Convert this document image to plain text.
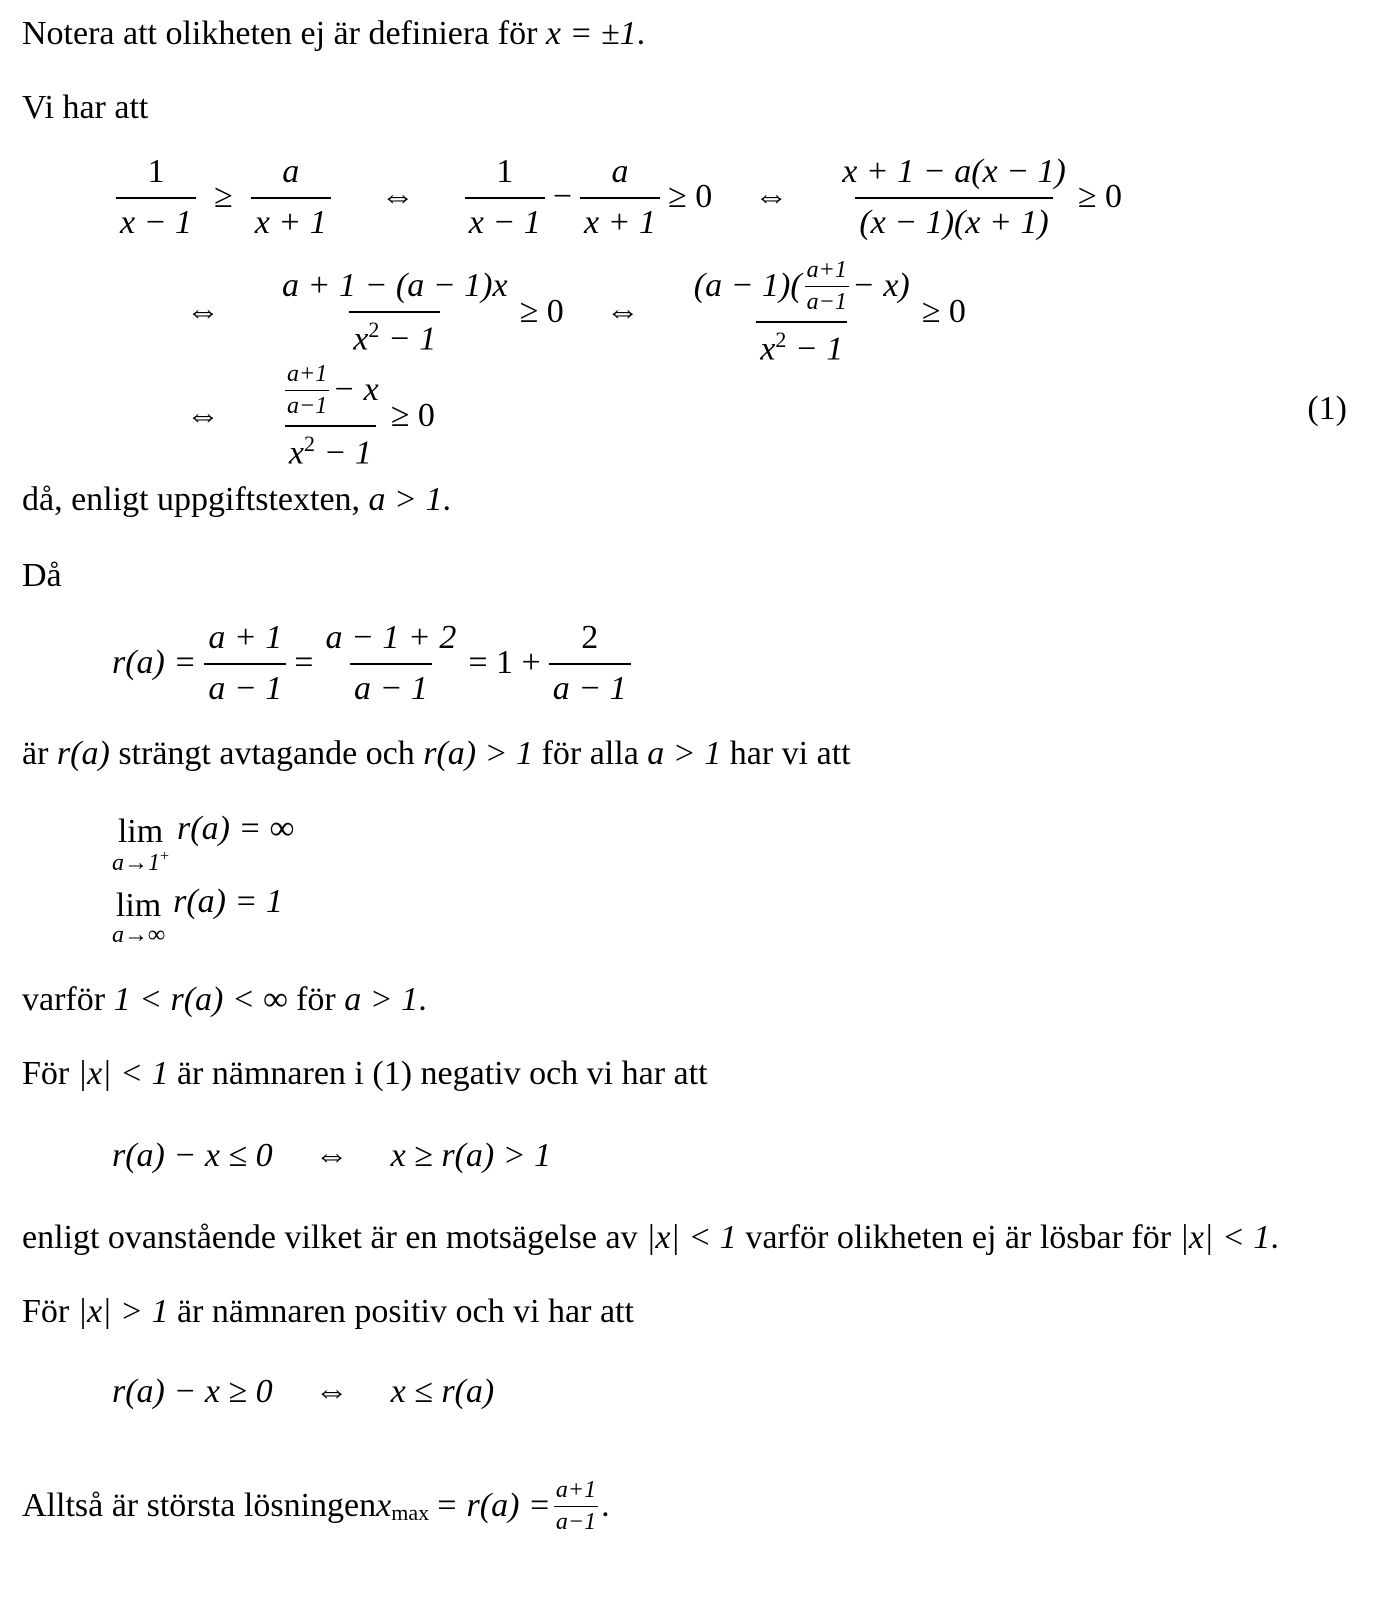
Notera att olikheten ej är definiera för x = ±1.
Vi har att
$\frac{1}{x - 1} \ge \frac{a}{x + 1}$ ⇔ $\frac{1}{x - 1} - \frac{a}{x + 1} \ge 0$ ⇔ $\frac{x + 1 - a(x - 1)}{(x - 1)(x + 1)} \ge 0$
⇔ $\frac{a + 1 - (a - 1)x}{x^2 - 1} \ge 0$ ⇔ $\frac{(a - 1)( \frac{a+1}{a-1} - x)}{x^2 - 1} \ge 0$
⇔ $\frac{\frac{a+1}{a-1} - x}{x^2 - 1} \ge 0$	(1)
då, enligt uppgiftstexten, a > 1.
Då
$r(a) = \frac{a + 1}{a - 1} = \frac{a - 1 + 2}{a - 1} = 1 + \frac{2}{a - 1}$
är r(a) strängt avtagande och r(a) > 1 för alla a > 1 har vi att
lim
a→1+
r(a) = ∞
lim
a→∞
r(a) = 1
varför 1 < r(a) < ∞ för a > 1.
För |x| < 1 är nämnaren i (1) negativ och vi har att
r(a) − x ≤ 0 ⇔ x ≥ r(a) > 1
enligt ovanstående vilket är en motsägelse av |x| < 1 varför olikheten ej är lösbar för |x| < 1.
För |x| > 1 är nämnaren positiv och vi har att
r(a) − x ≥ 0 ⇔ x ≤ r(a)
Alltså är största lösningen $x_{max} = r(a) = \frac{a+1}{a-1}$ .
